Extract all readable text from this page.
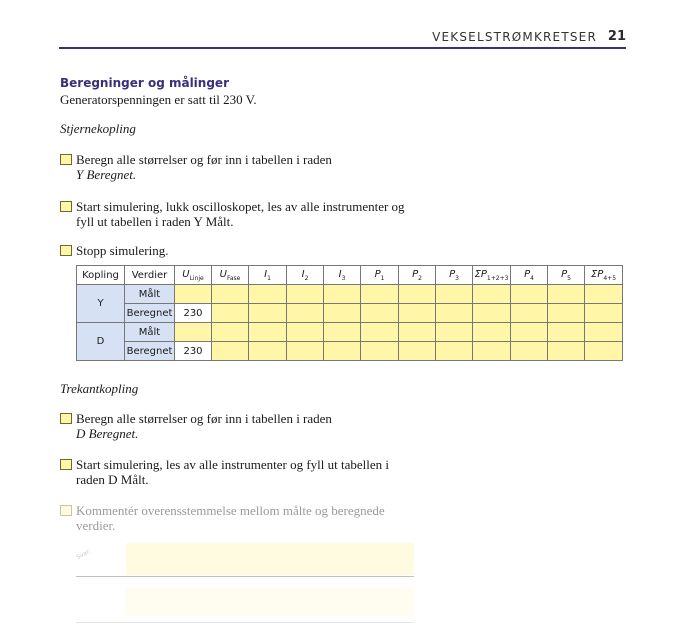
VEKSELSTRØMKRETSER 21
Beregninger og målinger
Generatorspenningen er satt til 230 V.
Stjernekopling
Beregn alle størrelser og før inn i tabellen i raden
Y Beregnet.
Start simulering, lukk oscilloskopet, les av alle instrumenter og
fyll ut tabellen i raden Y Målt.
Stopp simulering.
Kopling	Verdier	$U_{Linje}$	$U_{Fase}$	$I_1$	$I_2$	$I_3$	$P_1$	$P_2$	$P_3$	$\Sigma P_{1+2+3}$	$P_4$	$P_5$	$\Sigma P_{4+5}$
Y	Målt												
	Beregnet	230											
D	Målt												
	Beregnet	230											
Trekantkopling
Beregn alle størrelser og før inn i tabellen i raden
D Beregnet.
Start simulering, les av alle instrumenter og fyll ut tabellen i
raden D Målt.
Kommentér overensstemmelse mellom målte og beregnede
verdier.
Svar:
